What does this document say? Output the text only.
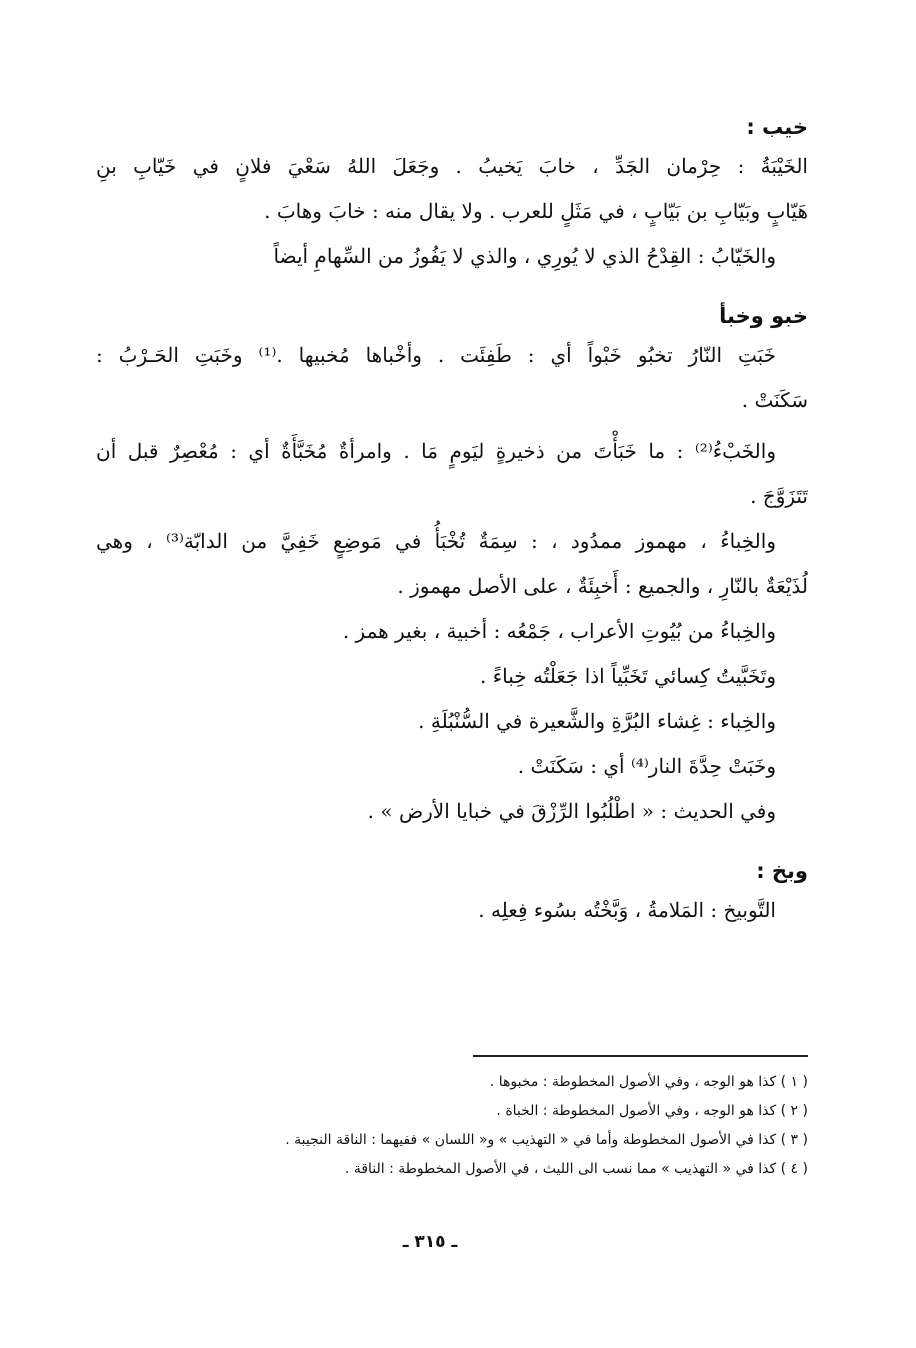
خيب :
الخَيْبَةُ : حِرْمان الجَدِّ ، خابَ يَخيبُ . وجَعَلَ اللهُ سَعْيَ فلانٍ في خَيّابِ بنِ
هَيّابٍ وبَيّابِ بن بَيّابٍ ، في مَثَلٍ للعرب . ولا يقال منه : خابَ وهابَ .
والخَيّابُ : القِدْحُ الذي لا يُورِي ، والذي لا يَفُوزُ من السِّهامِ أيضاً
خبو وخبأ
خَبَتِ النّارُ تخبُو خَبْواً أي : طَفِئَت . وأخْباها مُخبيها .⁽¹⁾ وخَبَتِ الحَـرْبُ :
سَكَنَتْ .
والخَبْءُ⁽²⁾ : ما خَبَأْتَ من ذخيرةٍ ليَومٍ مَا . وامرأةٌ مُخَبَّأَةٌ أي : مُعْصِرٌ قبل أن
تَتَزَوَّجَ .
والخِباءُ ، مهموز ممدُود ، : سِمَةٌ تُخْبَأُ في مَوضِعٍ خَفِيَّ من الدابّة⁽³⁾ ، وهي
لُذَيْعَةٌ بالنّارِ ، والجميع : أَخبِئَةٌ ، على الأصل مهموز .
والخِباءُ من بُيُوتِ الأعراب ، جَمْعُه : أخبية ، بغير همز .
وتَخَبَّيتُ كِسائي تَخَبِّياً اذا جَعَلْتُه خِباءً .
والخِباء : غِشاء البُرَّةِ والشَّعيرة في السُّنْبُلَةِ .
وخَبَتْ حِدَّةَ النار⁽⁴⁾ أي : سَكَنَتْ .
وفي الحديث : « اطْلُبُوا الرِّزْقَ في خبايا الأرض » .
وبخ :
التَّوبيخ : المَلامةُ ، وَبَّخْتُه بسُوء فِعلِه .
( ١ ) كذا هو الوجه ، وفي الأصول المخطوطة : مخبوها .
( ٢ ) كذا هو الوجه ، وفي الأصول المخطوطة : الخباة .
( ٣ ) كذا في الأصول المخطوطة وأما في « التهذيب » و« اللسان » ففيهما : الناقة النجيبة .
( ٤ ) كذا في « التهذيب » مما نسب الى الليث ، في الأصول المخطوطة : الناقة .
ـ ٣١٥ ـ
